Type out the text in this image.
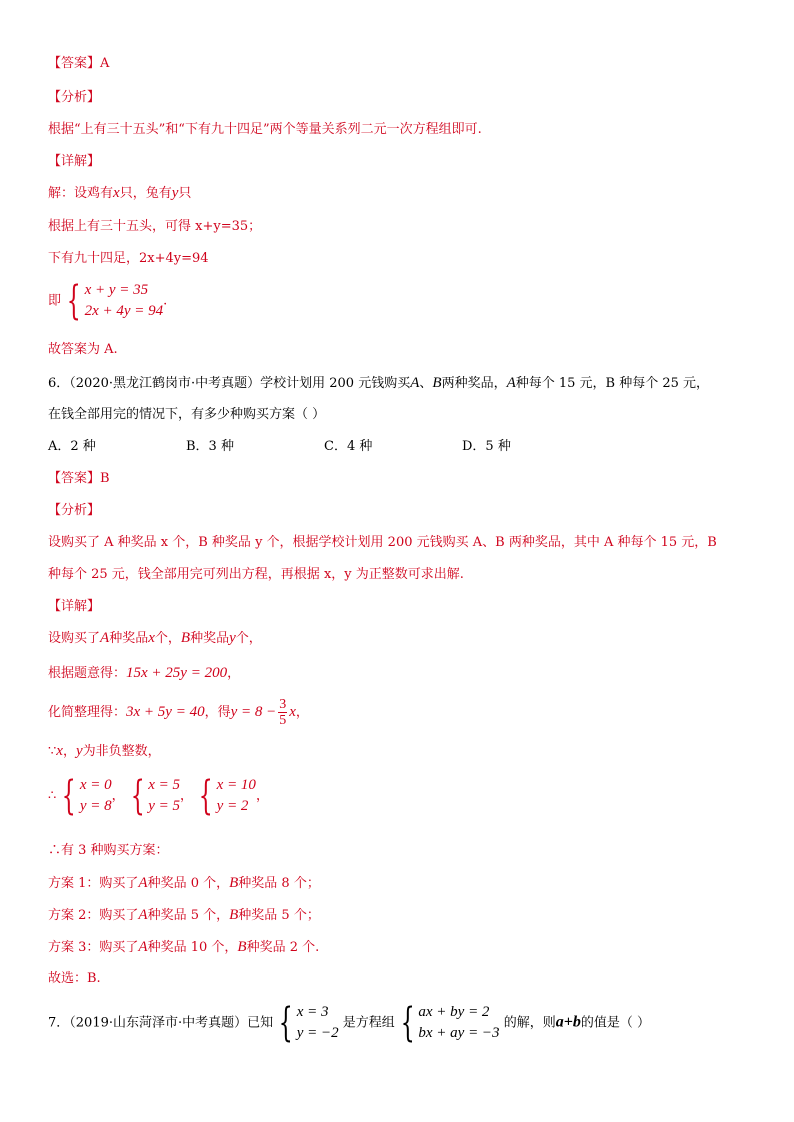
【答案】A
【分析】
根据“上有三十五头”和“下有九十四足”两个等量关系列二元一次方程组即可.
【详解】
解：设鸡有x只，兔有y只
根据上有三十五头，可得 x+y=35；
下有九十四足，2x+4y=94
即 { x + y = 35
2x + 4y = 94
.
故答案为 A.
6．（2020·黑龙江鹤岗市·中考真题）学校计划用 200 元钱购买A、B两种奖品，A种每个 15 元，B 种每个 25 元，
在钱全部用完的情况下，有多少种购买方案（ ）
A．2 种	B．3 种	C．4 种	D．5 种
【答案】B
【分析】
设购买了 A 种奖品 x 个，B 种奖品 y 个，根据学校计划用 200 元钱购买 A、B 两种奖品，其中 A 种每个 15 元，B
种每个 25 元，钱全部用完可列出方程，再根据 x，y 为正整数可求出解.
【详解】
设购买了A种奖品x个，B种奖品y个，
根据题意得：15x + 25y = 200，
化简整理得：3x + 5y = 40，得$y = 8 - \frac{3}{5}$ x，
∵x，y为非负整数，
∴ { x = 0
y = 8
， { x = 5
y = 5
， { x = 10
y = 2
，
∴有 3 种购买方案：
方案 1：购买了A种奖品 0 个，B种奖品 8 个；
方案 2：购买了A种奖品 5 个，B种奖品 5 个；
方案 3：购买了A种奖品 10 个，B种奖品 2 个.
故选：B.
7．（2019·山东菏泽市·中考真题）已知 { x = 3
y = −2
是方程组 { ax + by = 2
bx + ay = −3
的解，则a+b的值是（ ）
